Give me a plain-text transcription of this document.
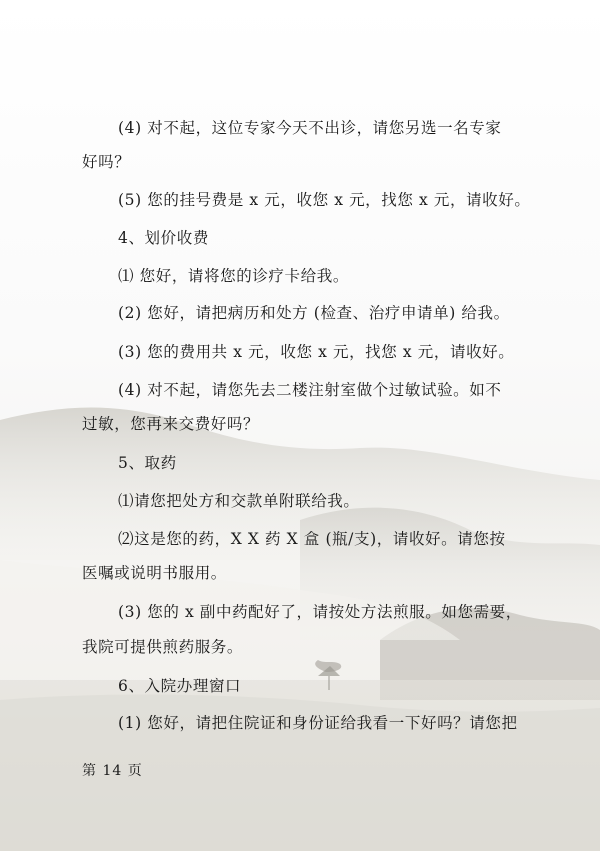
(4) 对不起，这位专家今天不出诊，请您另选一名专家
好吗？
(5) 您的挂号费是 x 元，收您 x 元，找您 x 元，请收好。
4、划价收费
⑴ 您好，请将您的诊疗卡给我。
(2) 您好，请把病历和处方 (检查、治疗申请单) 给我。
(3) 您的费用共 x 元，收您 x 元，找您 x 元，请收好。
(4) 对不起，请您先去二楼注射室做个过敏试验。如不
过敏，您再来交费好吗？
5、取药
⑴请您把处方和交款单附联给我。
⑵这是您的药，X X 药 X 盒 (瓶/支)，请收好。请您按
医嘱或说明书服用。
(3) 您的 x 副中药配好了，请按处方法煎服。如您需要，
我院可提供煎药服务。
6、入院办理窗口
(1) 您好，请把住院证和身份证给我看一下好吗？请您把
第 14 页
